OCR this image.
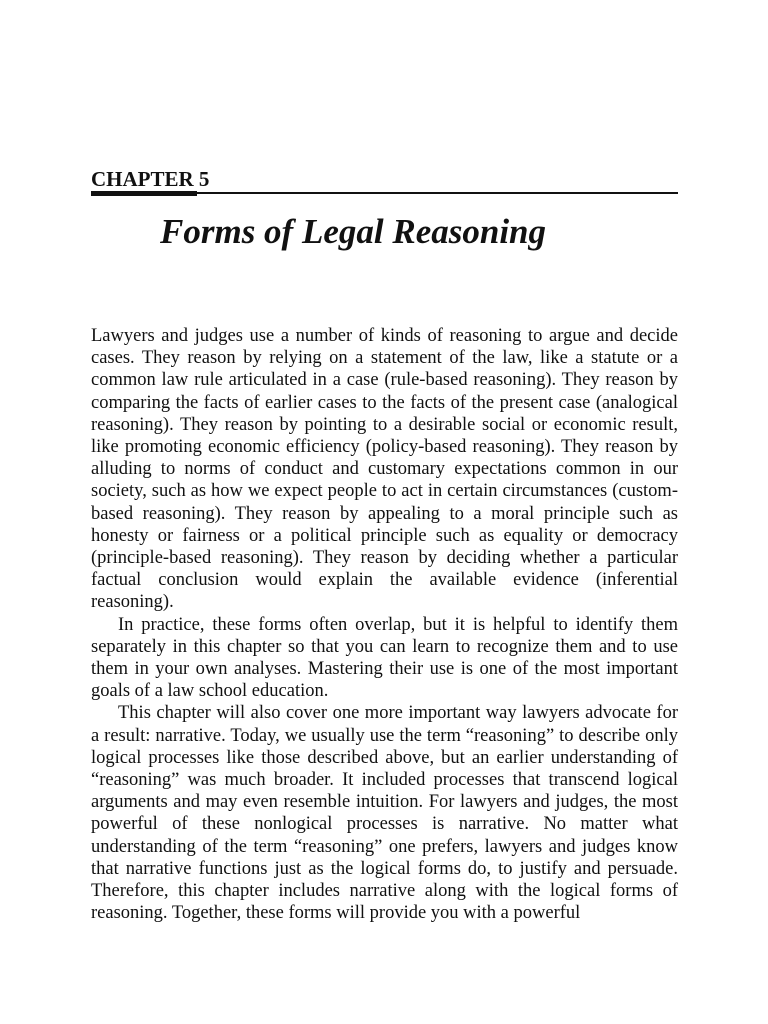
CHAPTER 5
Forms of Legal Reasoning

Lawyers and judges use a number of kinds of reasoning to argue and decide cases. They reason by relying on a statement of the law, like a statute or a common law rule articulated in a case (rule-based reasoning). They reason by comparing the facts of earlier cases to the facts of the present case (analogical reasoning). They reason by pointing to a desirable social or economic result, like promoting economic efficiency (policy-based reasoning). They reason by alluding to norms of conduct and customary expectations common in our society, such as how we expect people to act in certain circumstances (custom-based reasoning). They reason by appealing to a moral principle such as honesty or fairness or a political principle such as equality or democracy (principle-based reasoning). They reason by deciding whether a particular factual conclusion would explain the available evidence (inferential reasoning).

In practice, these forms often overlap, but it is helpful to identify them separately in this chapter so that you can learn to recognize them and to use them in your own analyses. Mastering their use is one of the most important goals of a law school education.

This chapter will also cover one more important way lawyers advocate for a result: narrative. Today, we usually use the term “reasoning” to describe only logical processes like those described above, but an earlier understanding of “reasoning” was much broader. It included processes that transcend logical arguments and may even resemble intuition. For lawyers and judges, the most powerful of these nonlogical processes is narrative. No matter what understanding of the term “reasoning” one prefers, lawyers and judges know that narrative functions just as the logical forms do, to justify and persuade. Therefore, this chapter includes narrative along with the logical forms of reasoning. Together, these forms will provide you with a powerful
